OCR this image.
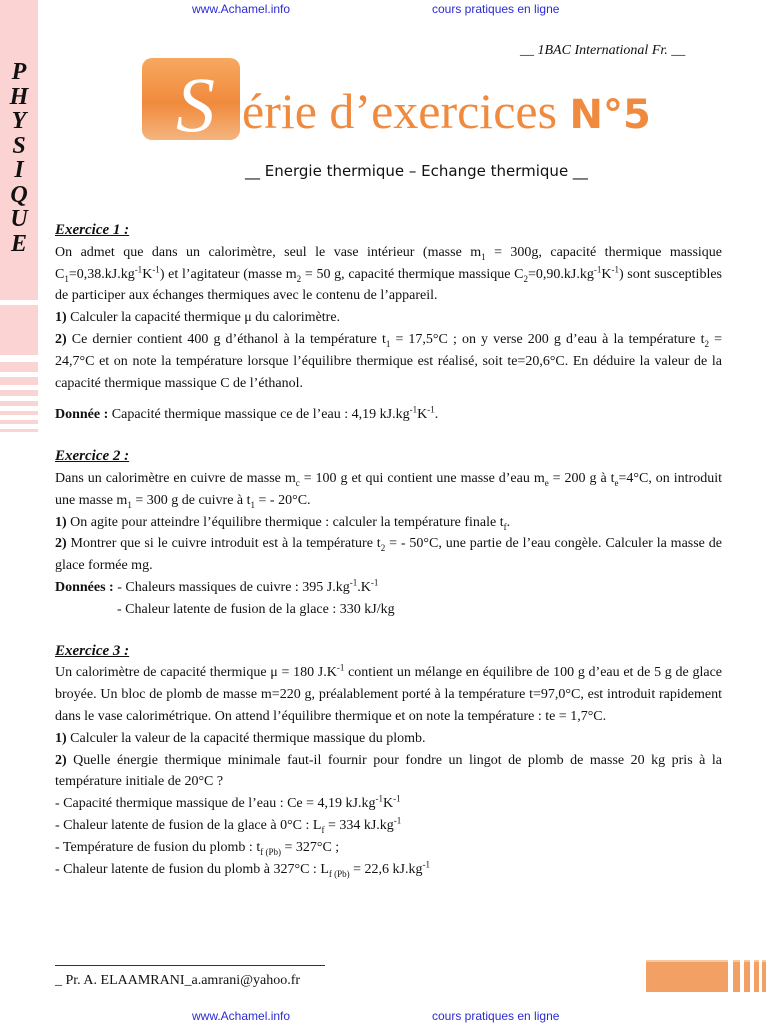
www.Achamel.info	cours pratiques en ligne
P
H
Y
S
I
Q
U
E
__ 1BAC International Fr. __
S érie d’exercices N°5
__ Energie thermique – Echange thermique __

Exercice 1 :

On admet que dans un calorimètre, seul le vase intérieur (masse $m_1 = 300g$, capacité thermique massique $C_1=0,38.kJ.kg^{-1}K^{-1}$) et l’agitateur (masse $m_2 = 50$ g, capacité thermique massique $C_2=0,90.kJ.kg^{-1}K^{-1}$) sont susceptibles de participer aux échanges thermiques avec le contenu de l’appareil.

1) Calculer la capacité thermique μ du calorimètre.

2) Ce dernier contient 400 g d’éthanol à la température $t_1 = 17,5^\circ C$ ; on y verse 200 g d’eau à la température $t_2 = 24,7^\circ C$ et on note la température lorsque l’équilibre thermique est réalisé, soit te=20,6°C. En déduire la valeur de la capacité thermique massique C de l’éthanol.

Donnée : Capacité thermique massique ce de l’eau : 4,19 $kJ.kg^{-1}K^{-1}$.

Exercice 2 :

Dans un calorimètre en cuivre de masse $m_c = 100$ g et qui contient une masse d’eau $m_e = 200$ g à $t_e=4^\circ C$, on introduit une masse $m_1 = 300$ g de cuivre à $t_1$ = - 20°C.

1) On agite pour atteindre l’équilibre thermique : calculer la température finale $t_f$.

2) Montrer que si le cuivre introduit est à la température $t_2$ = - 50°C, une partie de l’eau congèle. Calculer la masse de glace formée mg.

Données : - Chaleurs massiques de cuivre : 395 $J.kg^{-1}.K^{-1}$

- Chaleur latente de fusion de la glace : 330 kJ/kg

Exercice 3 :

Un calorimètre de capacité thermique μ = 180 $J.K^{-1}$ contient un mélange en équilibre de 100 g d’eau et de 5 g de glace broyée. Un bloc de plomb de masse m=220 g, préalablement porté à la température t=97,0°C, est introduit rapidement dans le vase calorimétrique. On attend l’équilibre thermique et on note la température : te = 1,7°C.

1) Calculer la valeur de la capacité thermique massique du plomb.

2) Quelle énergie thermique minimale faut-il fournir pour fondre un lingot de plomb de masse 20 kg pris à la température initiale de 20°C ?

- Capacité thermique massique de l’eau : Ce = 4,19 $kJ.kg^{-1}K^{-1}$

- Chaleur latente de fusion de la glace à 0°C : $L_f = 334$ $kJ.kg^{-1}$

- Température de fusion du plomb : $t_{f (Pb)} = 327^\circ C$ ;

- Chaleur latente de fusion du plomb à 327°C : $L_{f (Pb)} = 22,6$ $kJ.kg^{-1}$

_ Pr. A. ELAAMRANI_a.amrani@yahoo.fr
www.Achamel.info	cours pratiques en ligne
